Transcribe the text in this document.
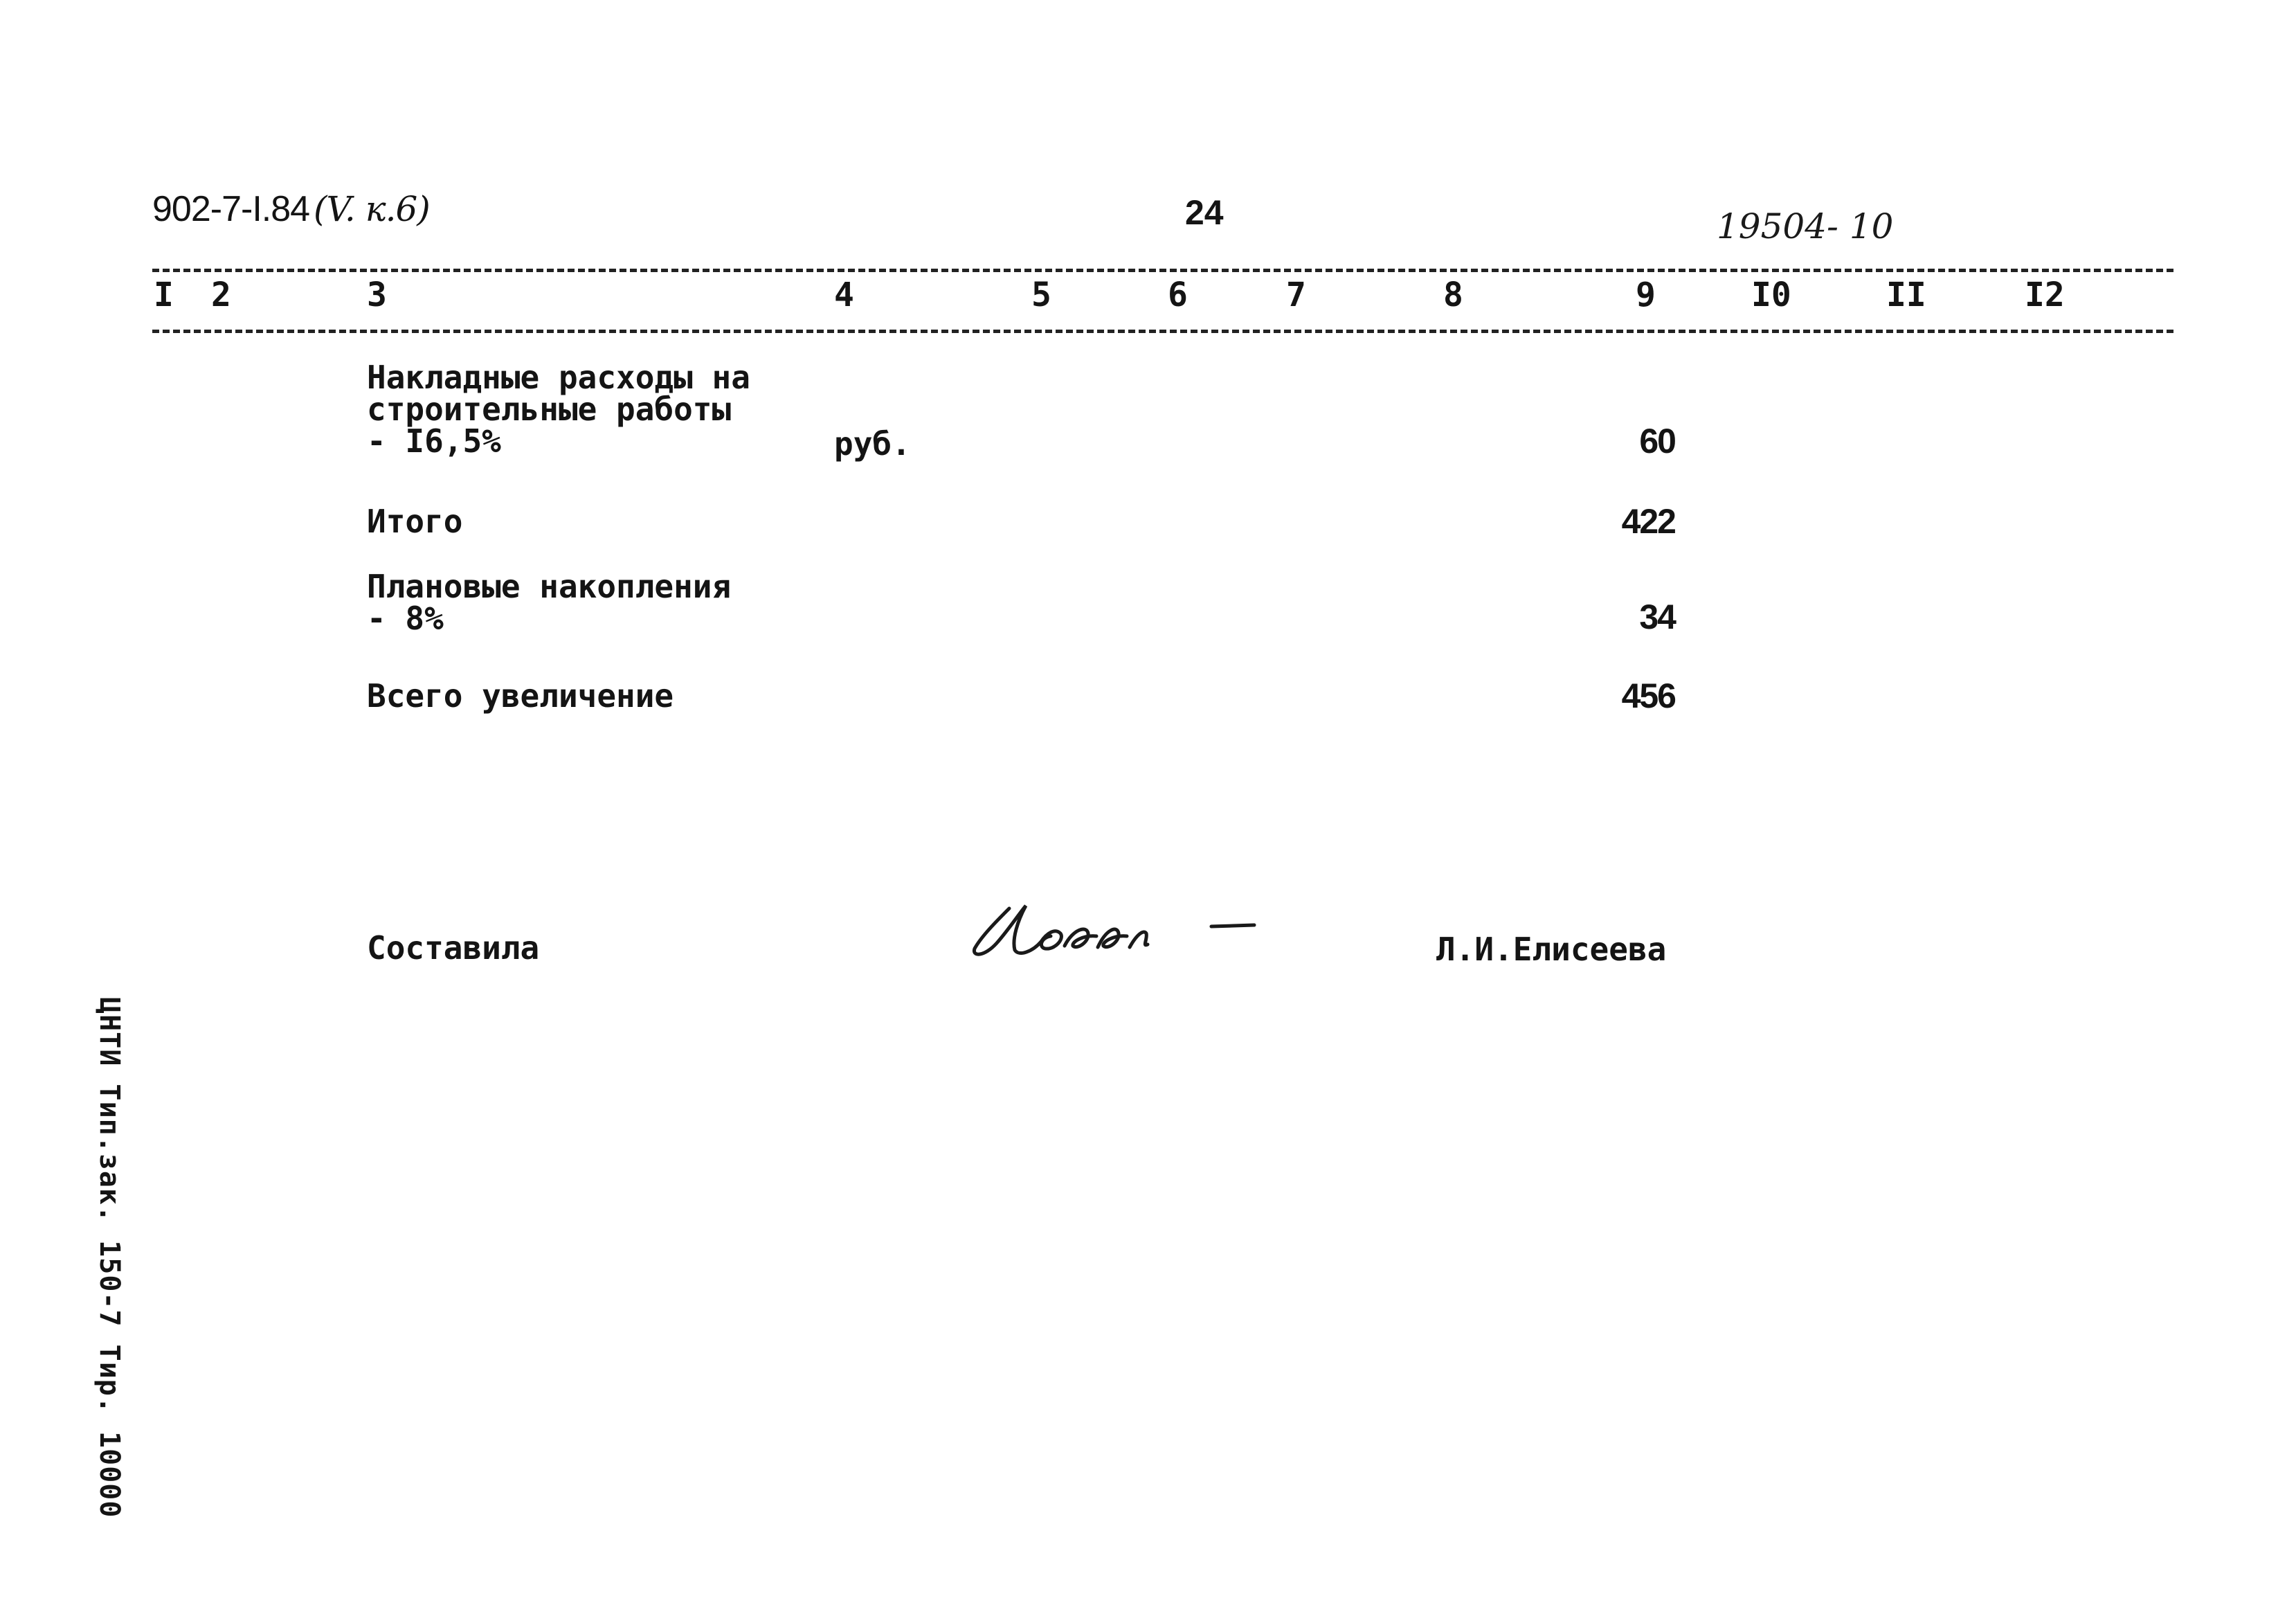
902-7-I.84 (V. к.6)	24	19504- 10
I 2	3	4	5	6	7	8	9	I0	II	I2
Накладные расходы на
строительные работы
- I6,5%	руб.	60
Итого	422
Плановые накопления
- 8%	34
Всего увеличение	456
Составила	Л.И.Елисеева
ЦНТИ Тип.зак. 150-7 Тир. 10000
